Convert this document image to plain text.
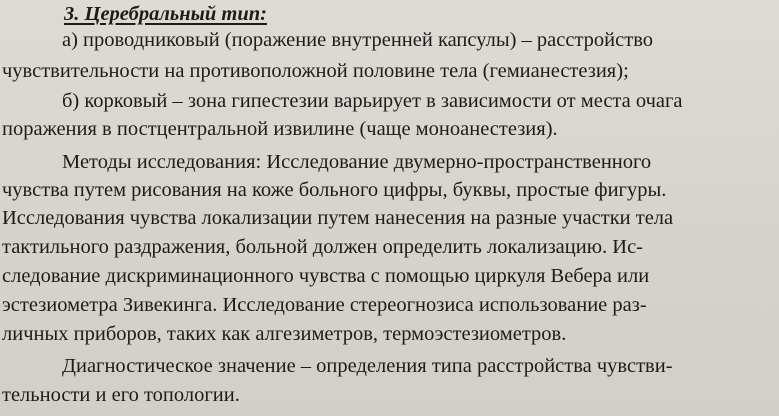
3. Церебральный тип:
а) проводниковый (поражение внутренней капсулы) – расстройство
чувствительности на противоположной половине тела (гемианестезия);
б) корковый – зона гипестезии варьирует в зависимости от места очага
поражения в постцентральной извилине (чаще моноанестезия).
Методы исследования: Исследование двумерно-пространственного
чувства путем рисования на коже больного цифры, буквы, простые фигуры.
Исследования чувства локализации путем нанесения на разные участки тела
тактильного раздражения, больной должен определить локализацию. Ис-
следование дискриминационного чувства с помощью циркуля Вебера или
эстезиометра Зивекинга. Исследование стереогнозиса использование раз-
личных приборов, таких как алгезиметров, термоэстезиометров.
Диагностическое значение – определения типа расстройства чувстви-
тельности и его топологии.
